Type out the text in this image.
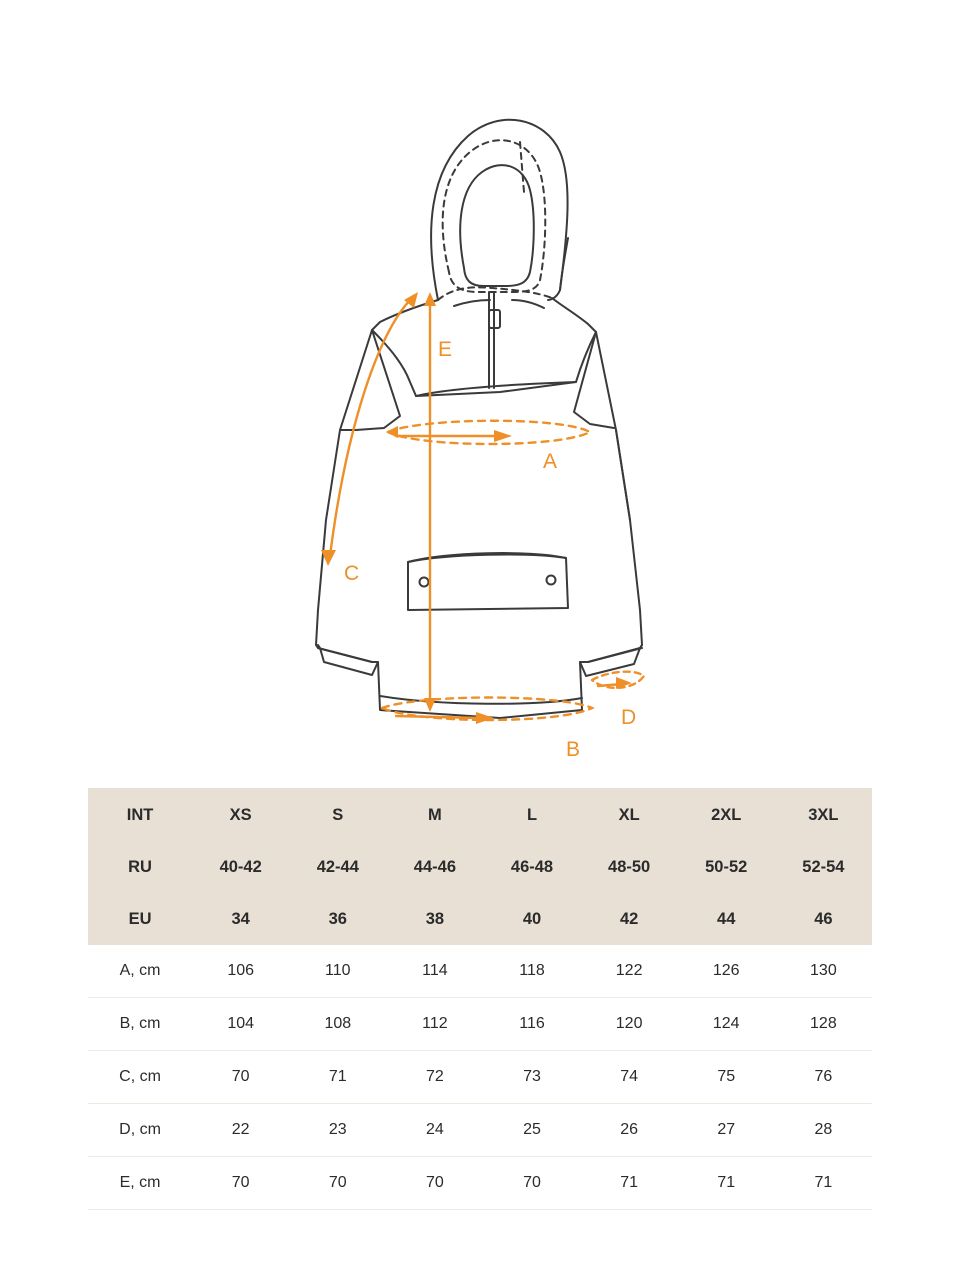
E
A
B
C
D
INT	XS	S	M	L	XL	2XL	3XL
RU	40-42	42-44	44-46	46-48	48-50	50-52	52-54
EU	34	36	38	40	42	44	46
A, cm	106	110	114	118	122	126	130
B, cm	104	108	112	116	120	124	128
C, cm	70	71	72	73	74	75	76
D, cm	22	23	24	25	26	27	28
E, cm	70	70	70	70	71	71	71
